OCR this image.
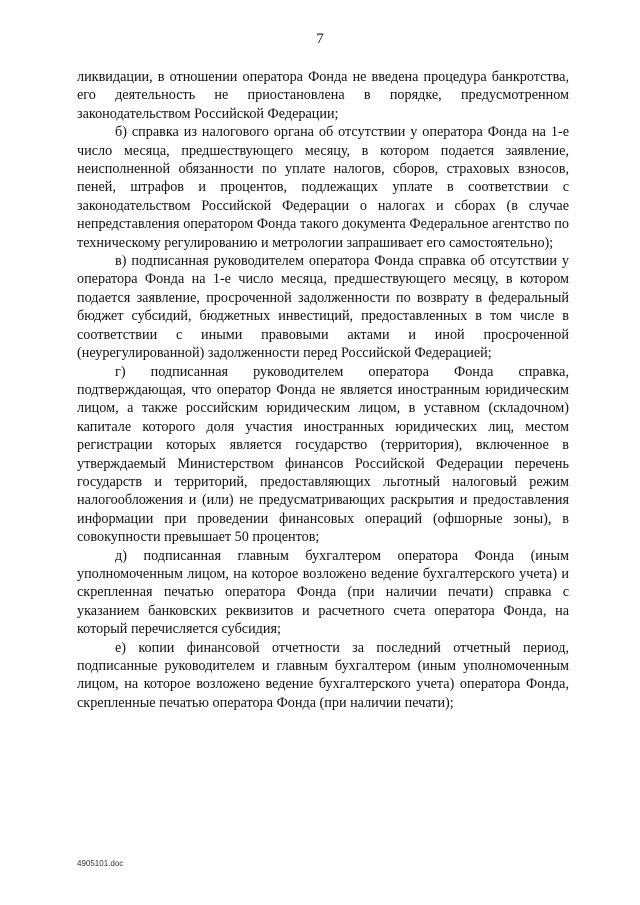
7

ликвидации, в отношении оператора Фонда не введена процедура банкротства, его деятельность не приостановлена в порядке, предусмотренном законодательством Российской Федерации;

б) справка из налогового органа об отсутствии у оператора Фонда на 1-е число месяца, предшествующего месяцу, в котором подается заявление, неисполненной обязанности по уплате налогов, сборов, страховых взносов, пеней, штрафов и процентов, подлежащих уплате в соответствии с законодательством Российской Федерации о налогах и сборах (в случае непредставления оператором Фонда такого документа Федеральное агентство по техническому регулированию и метрологии запрашивает его самостоятельно);

в) подписанная руководителем оператора Фонда справка об отсутствии у оператора Фонда на 1-е число месяца, предшествующего месяцу, в котором подается заявление, просроченной задолженности по возврату в федеральный бюджет субсидий, бюджетных инвестиций, предоставленных в том числе в соответствии с иными правовыми актами и иной просроченной (неурегулированной) задолженности перед Российской Федерацией;

г) подписанная руководителем оператора Фонда справка, подтверждающая, что оператор Фонда не является иностранным юридическим лицом, а также российским юридическим лицом, в уставном (складочном) капитале которого доля участия иностранных юридических лиц, местом регистрации которых является государство (территория), включенное в утверждаемый Министерством финансов Российской Федерации перечень государств и территорий, предоставляющих льготный налоговый режим налогообложения и (или) не предусматривающих раскрытия и предоставления информации при проведении финансовых операций (офшорные зоны), в совокупности превышает 50 процентов;

д) подписанная главным бухгалтером оператора Фонда (иным уполномоченным лицом, на которое возложено ведение бухгалтерского учета) и скрепленная печатью оператора Фонда (при наличии печати) справка с указанием банковских реквизитов и расчетного счета оператора Фонда, на который перечисляется субсидия;

е) копии финансовой отчетности за последний отчетный период, подписанные руководителем и главным бухгалтером (иным уполномоченным лицом, на которое возложено ведение бухгалтерского учета) оператора Фонда, скрепленные печатью оператора Фонда (при наличии печати);

4905101.doc
